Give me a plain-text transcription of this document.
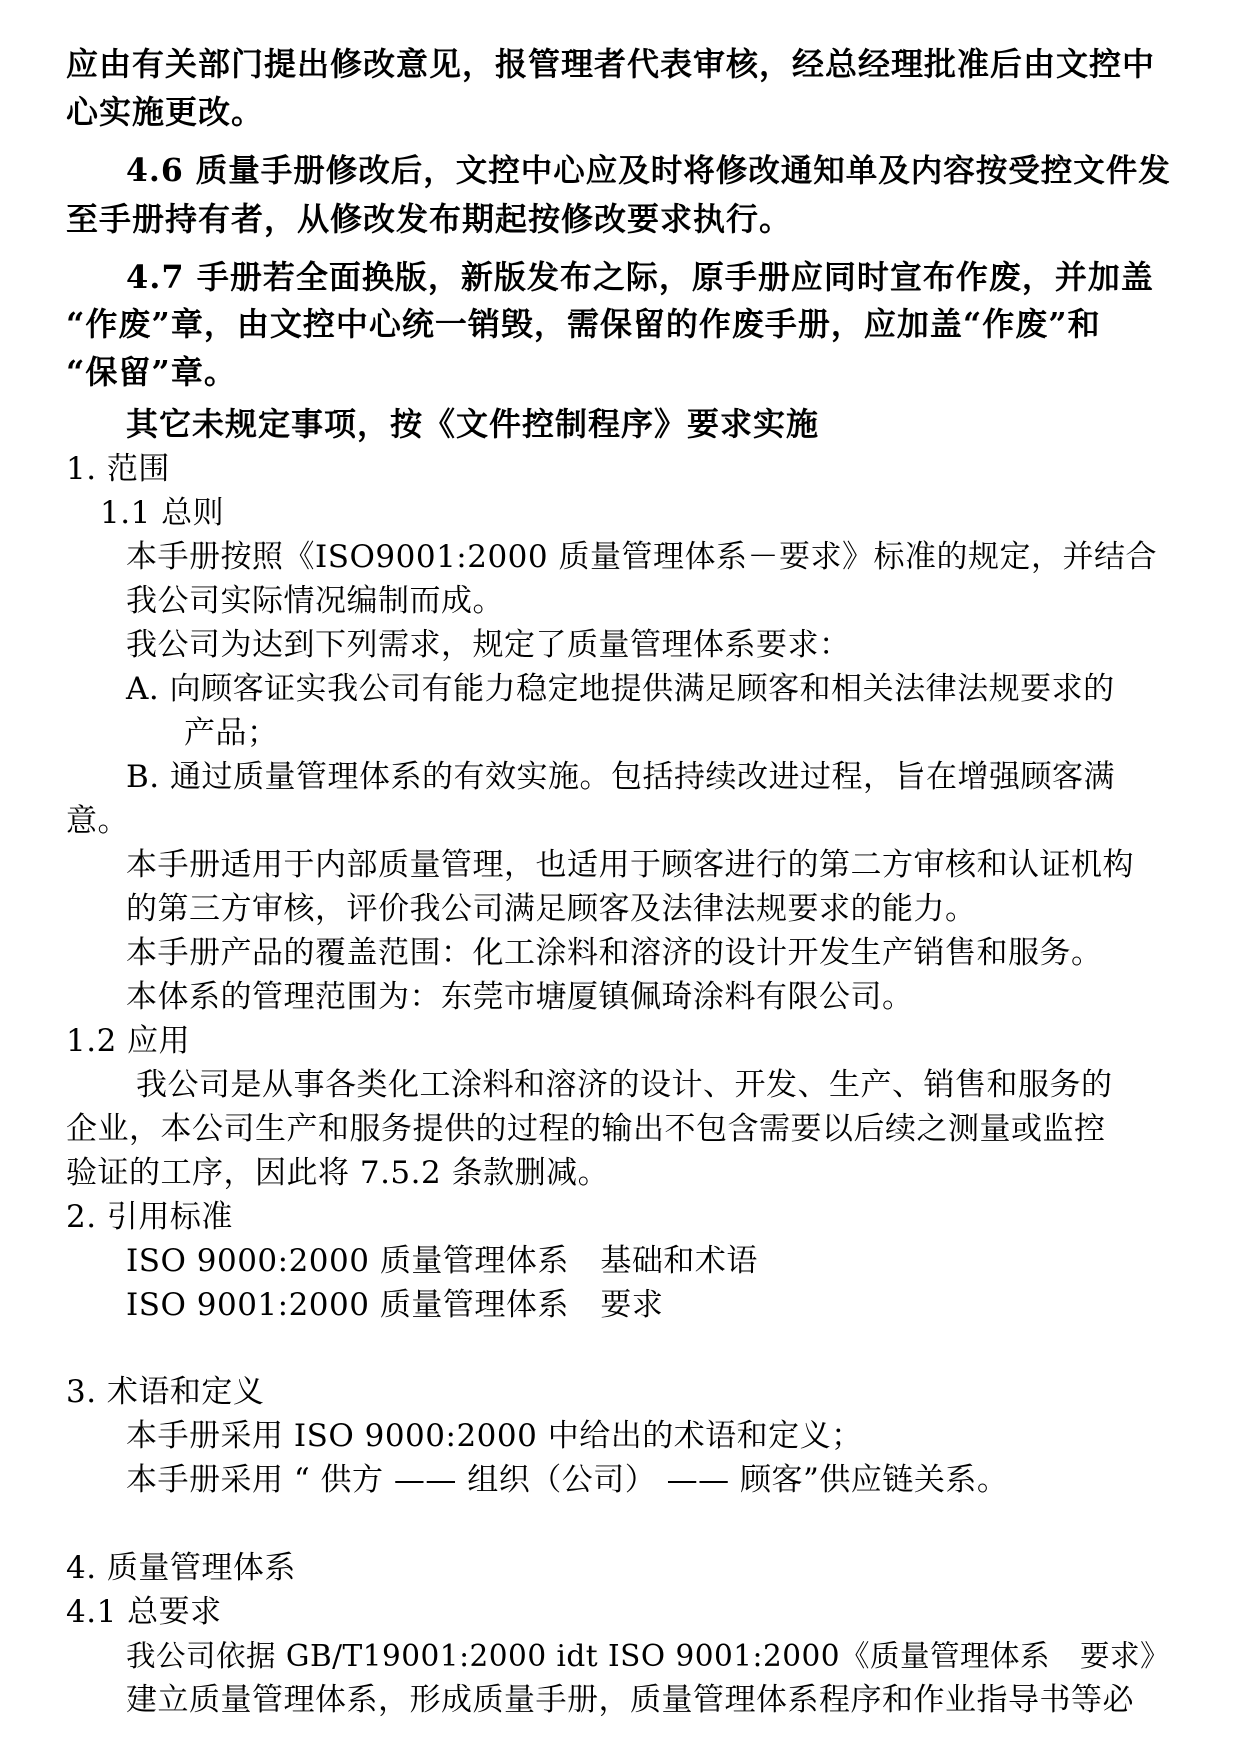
应由有关部门提出修改意见，报管理者代表审核，经总经理批准后由文控中
心实施更改。
4.6 质量手册修改后，文控中心应及时将修改通知单及内容按受控文件发
至手册持有者，从修改发布期起按修改要求执行。
4.7 手册若全面换版，新版发布之际，原手册应同时宣布作废，并加盖
“作废”章，由文控中心统一销毁，需保留的作废手册，应加盖“作废”和
“保留”章。
其它未规定事项，按《文件控制程序》要求实施
1. 范围
1.1 总则
本手册按照《ISO9001:2000 质量管理体系－要求》标准的规定，并结合
我公司实际情况编制而成。
我公司为达到下列需求，规定了质量管理体系要求：
A. 向顾客证实我公司有能力稳定地提供满足顾客和相关法律法规要求的
产品；
B. 通过质量管理体系的有效实施。包括持续改进过程，旨在增强顾客满
意。
本手册适用于内部质量管理，也适用于顾客进行的第二方审核和认证机构
的第三方审核，评价我公司满足顾客及法律法规要求的能力。
本手册产品的覆盖范围：化工涂料和溶济的设计开发生产销售和服务。
本体系的管理范围为：东莞市塘厦镇佩琦涂料有限公司。
1.2 应用
我公司是从事各类化工涂料和溶济的设计、开发、生产、销售和服务的
企业，本公司生产和服务提供的过程的输出不包含需要以后续之测量或监控
验证的工序，因此将 7.5.2 条款删减。
2. 引用标准
ISO 9000:2000 质量管理体系　基础和术语
ISO 9001:2000 质量管理体系　要求
3. 术语和定义
本手册采用 ISO 9000:2000 中给出的术语和定义；
本手册采用 “ 供方 —— 组织（公司） —— 顾客”供应链关系。
4. 质量管理体系
4.1 总要求
我公司依据 GB/T19001:2000 idt ISO 9001:2000《质量管理体系　要求》
建立质量管理体系，形成质量手册，质量管理体系程序和作业指导书等必
